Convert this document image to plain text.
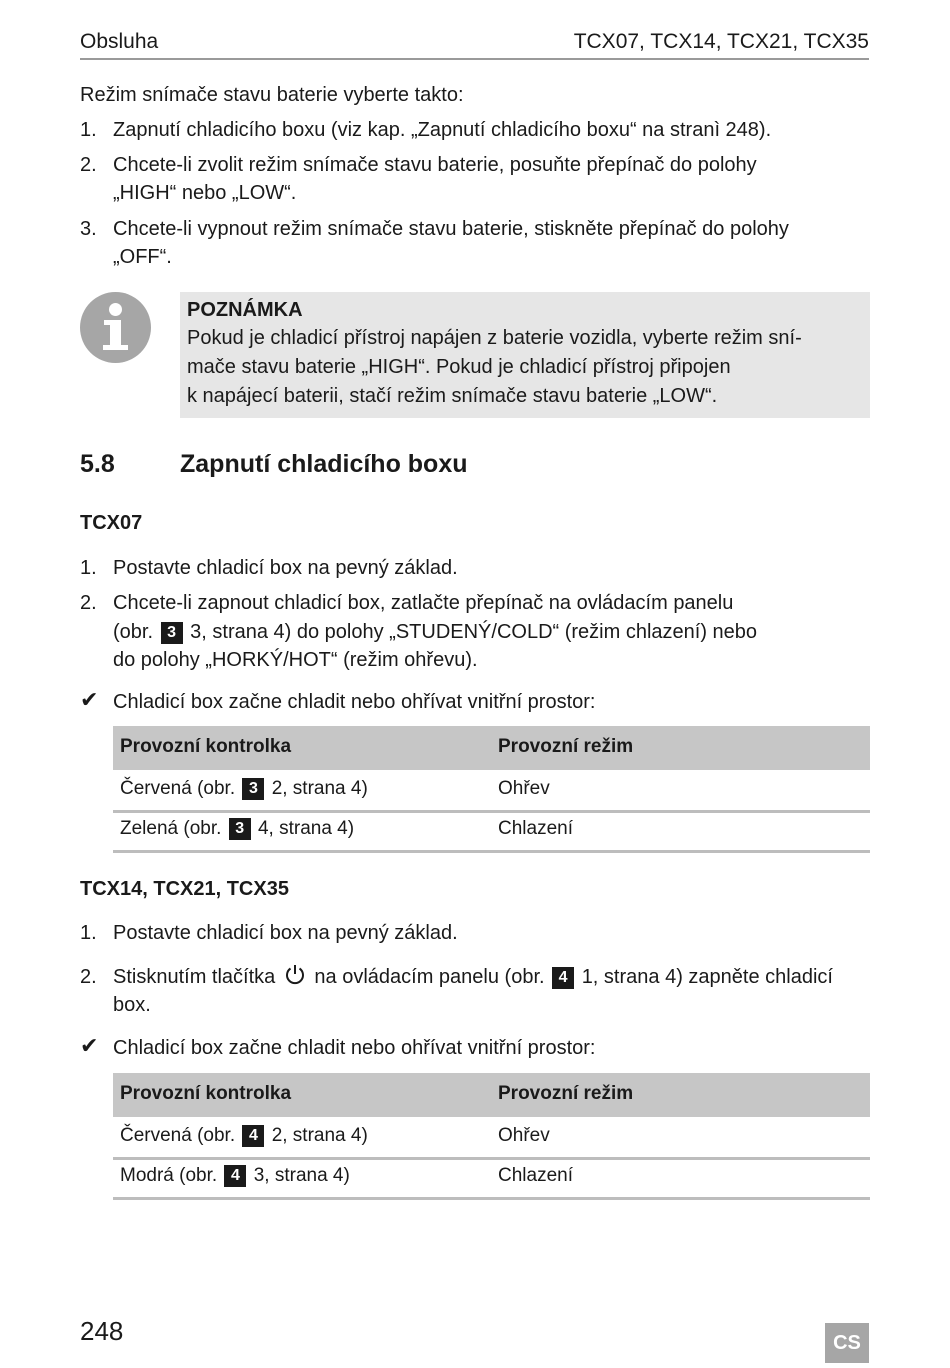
Obsluha	TCX07, TCX14, TCX21, TCX35
Režim snímače stavu baterie vyberte takto:
1. Zapnutí chladicího boxu (viz kap. „Zapnutí chladicího boxu“ na stranì 248).
2. Chcete-li zvolit režim snímače stavu baterie, posuňte přepínač do polohy
„HIGH“ nebo „LOW“.
3. Chcete-li vypnout režim snímače stavu baterie, stiskněte přepínač do polohy
„OFF“.
POZNÁMKA
Pokud je chladicí přístroj napájen z baterie vozidla, vyberte režim sní-
mače stavu baterie „HIGH“. Pokud je chladicí přístroj připojen
k napájecí baterii, stačí režim snímače stavu baterie „LOW“.
5.8	Zapnutí chladicího boxu
TCX07
1. Postavte chladicí box na pevný základ.
2. Chcete-li zapnout chladicí box, zatlačte přepínač na ovládacím panelu
(obr. 3 3, strana 4) do polohy „STUDENÝ/COLD“ (režim chlazení) nebo
do polohy „HORKÝ/HOT“ (režim ohřevu).
✔ Chladicí box začne chladit nebo ohřívat vnitřní prostor:
Provozní kontrolka	Provozní režim
Červená (obr. 3 2, strana 4)	Ohřev
Zelená (obr. 3 4, strana 4)	Chlazení
TCX14, TCX21, TCX35
1. Postavte chladicí box na pevný základ.
2. Stisknutím tlačítka na ovládacím panelu (obr. 4 1, strana 4) zapněte chladicí
box.
✔ Chladicí box začne chladit nebo ohřívat vnitřní prostor:
Provozní kontrolka	Provozní režim
Červená (obr. 4 2, strana 4)	Ohřev
Modrá (obr. 4 3, strana 4)	Chlazení
248	CS
